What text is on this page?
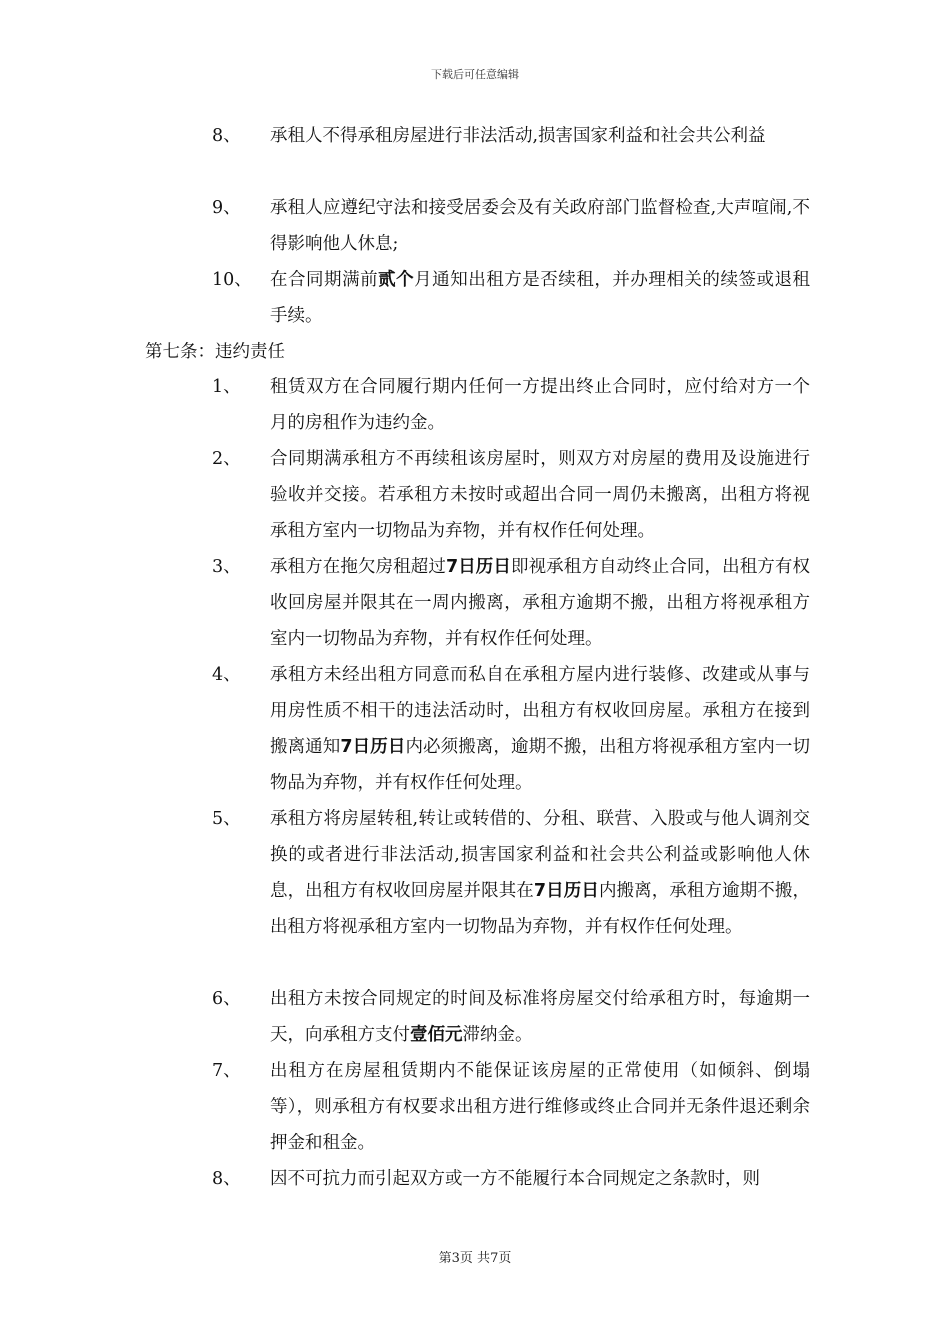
下载后可任意编辑
8、	承租人不得承租房屋进行非法活动,损害国家利益和社会共公利益
9、	承租人应遵纪守法和接受居委会及有关政府部门监督检查,大声喧闹,不得影响他人休息;
10、	在合同期满前贰个月通知出租方是否续租，并办理相关的续签或退租手续。
第七条：违约责任
1、	租赁双方在合同履行期内任何一方提出终止合同时，应付给对方一个月的房租作为违约金。
2、	合同期满承租方不再续租该房屋时，则双方对房屋的费用及设施进行验收并交接。若承租方未按时或超出合同一周仍未搬离，出租方将视承租方室内一切物品为弃物，并有权作任何处理。
3、	承租方在拖欠房租超过7日历日即视承租方自动终止合同，出租方有权收回房屋并限其在一周内搬离，承租方逾期不搬，出租方将视承租方室内一切物品为弃物，并有权作任何处理。
4、	承租方未经出租方同意而私自在承租方屋内进行装修、改建或从事与用房性质不相干的违法活动时，出租方有权收回房屋。承租方在接到搬离通知7日历日内必须搬离，逾期不搬，出租方将视承租方室内一切物品为弃物，并有权作任何处理。
5、	承租方将房屋转租,转让或转借的、分租、联营、入股或与他人调剂交换的或者进行非法活动,损害国家利益和社会共公利益或影响他人休息，出租方有权收回房屋并限其在7日历日内搬离，承租方逾期不搬，出租方将视承租方室内一切物品为弃物，并有权作任何处理。
6、	出租方未按合同规定的时间及标准将房屋交付给承租方时，每逾期一天，向承租方支付壹佰元滞纳金。
7、	出租方在房屋租赁期内不能保证该房屋的正常使用（如倾斜、倒塌等），则承租方有权要求出租方进行维修或终止合同并无条件退还剩余押金和租金。
8、	因不可抗力而引起双方或一方不能履行本合同规定之条款时，则
第3页 共7页
